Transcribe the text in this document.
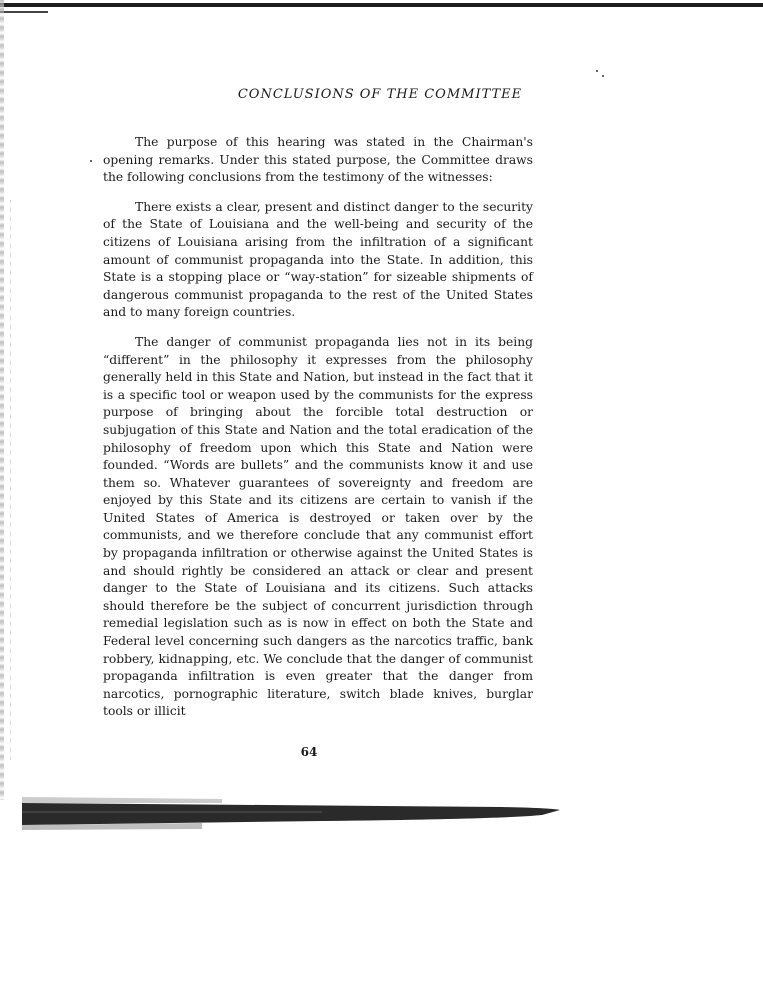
CONCLUSIONS OF THE COMMITTEE

The purpose of this hearing was stated in the Chairman's opening remarks. Under this stated purpose, the Committee draws the following conclusions from the testimony of the witnesses:

There exists a clear, present and distinct danger to the security of the State of Louisiana and the well-being and security of the citizens of Louisiana arising from the infiltration of a significant amount of communist propaganda into the State. In addition, this State is a stopping place or “way-station” for sizeable shipments of dangerous communist propaganda to the rest of the United States and to many foreign countries.

The danger of communist propaganda lies not in its being “different” in the philosophy it expresses from the philosophy generally held in this State and Nation, but instead in the fact that it is a specific tool or weapon used by the communists for the express purpose of bringing about the forcible total destruction or subjugation of this State and Nation and the total eradication of the philosophy of freedom upon which this State and Nation were founded. “Words are bullets” and the communists know it and use them so. Whatever guarantees of sovereignty and freedom are enjoyed by this State and its citizens are certain to vanish if the United States of America is destroyed or taken over by the communists, and we therefore conclude that any communist effort by propaganda infiltration or otherwise against the United States is and should rightly be considered an attack or clear and present danger to the State of Louisiana and its citizens. Such attacks should therefore be the subject of concurrent jurisdiction through remedial legislation such as is now in effect on both the State and Federal level concerning such dangers as the narcotics traffic, bank robbery, kidnapping, etc. We conclude that the danger of communist propaganda infiltration is even greater that the danger from narcotics, pornographic literature, switch blade knives, burglar tools or illicit

64
